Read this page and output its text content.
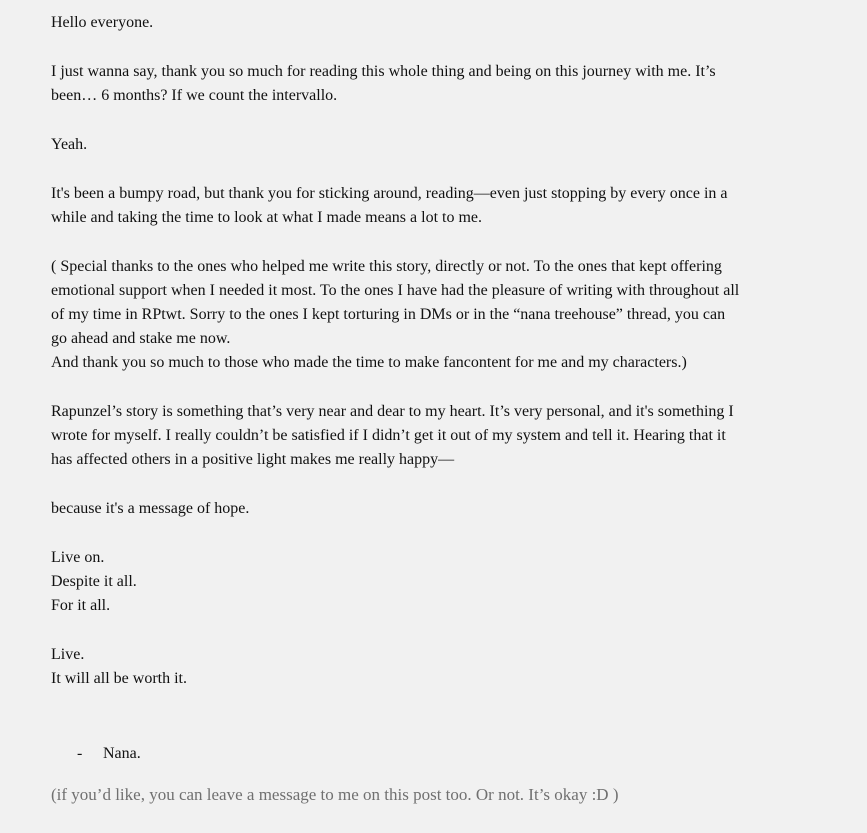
Hello everyone.

I just wanna say, thank you so much for reading this whole thing and being on this journey with me. It’s
been… 6 months? If we count the intervallo.

Yeah.

It's been a bumpy road, but thank you for sticking around, reading—even just stopping by every once in a
while and taking the time to look at what I made means a lot to me.

( Special thanks to the ones who helped me write this story, directly or not. To the ones that kept offering
emotional support when I needed it most. To the ones I have had the pleasure of writing with throughout all
of my time in RPtwt. Sorry to the ones I kept torturing in DMs or in the “nana treehouse” thread, you can
go ahead and stake me now.
And thank you so much to those who made the time to make fancontent for me and my characters.)

Rapunzel’s story is something that’s very near and dear to my heart. It’s very personal, and it's something I
wrote for myself. I really couldn’t be satisfied if I didn’t get it out of my system and tell it. Hearing that it
has affected others in a positive light makes me really happy—

because it's a message of hope.

Live on.
Despite it all.
For it all.

Live.
It will all be worth it.

- Nana.

(if you’d like, you can leave a message to me on this post too. Or not. It’s okay :D )
